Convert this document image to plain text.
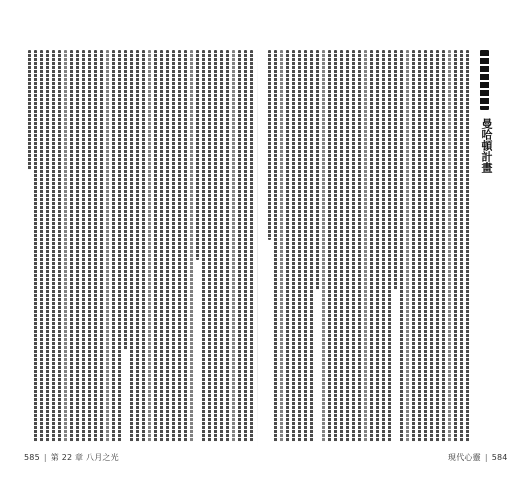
585 | 第 22 章 八月之光	現代心靈 | 584
曼哈頓計畫
